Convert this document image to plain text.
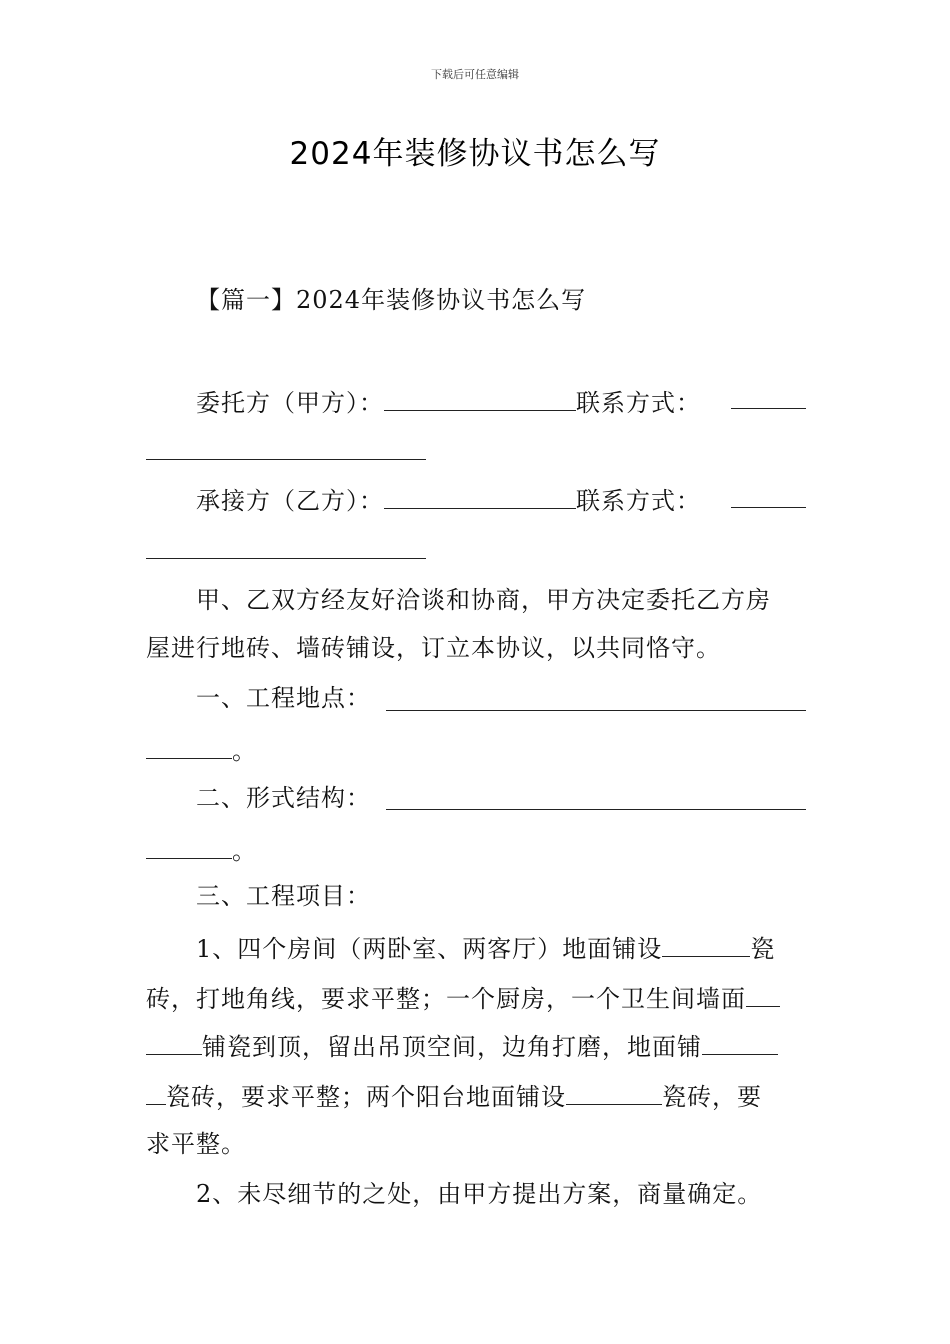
下载后可任意编辑
2024年装修协议书怎么写
【篇一】2024年装修协议书怎么写
委托方（甲方）：	联系方式：
承接方（乙方）：	联系方式：
甲、乙双方经友好洽谈和协商，甲方决定委托乙方房
屋进行地砖、墙砖铺设，订立本协议，以共同恪守。
一、工程地点：
。
二、形式结构：
。
三、工程项目：
1、四个房间（两卧室、两客厅）地面铺设	瓷
砖，打地角线，要求平整；一个厨房，一个卫生间墙面
铺瓷到顶，留出吊顶空间，边角打磨，地面铺
瓷砖，要求平整；两个阳台地面铺设	瓷砖，要
求平整。
2、未尽细节的之处，由甲方提出方案，商量确定。
